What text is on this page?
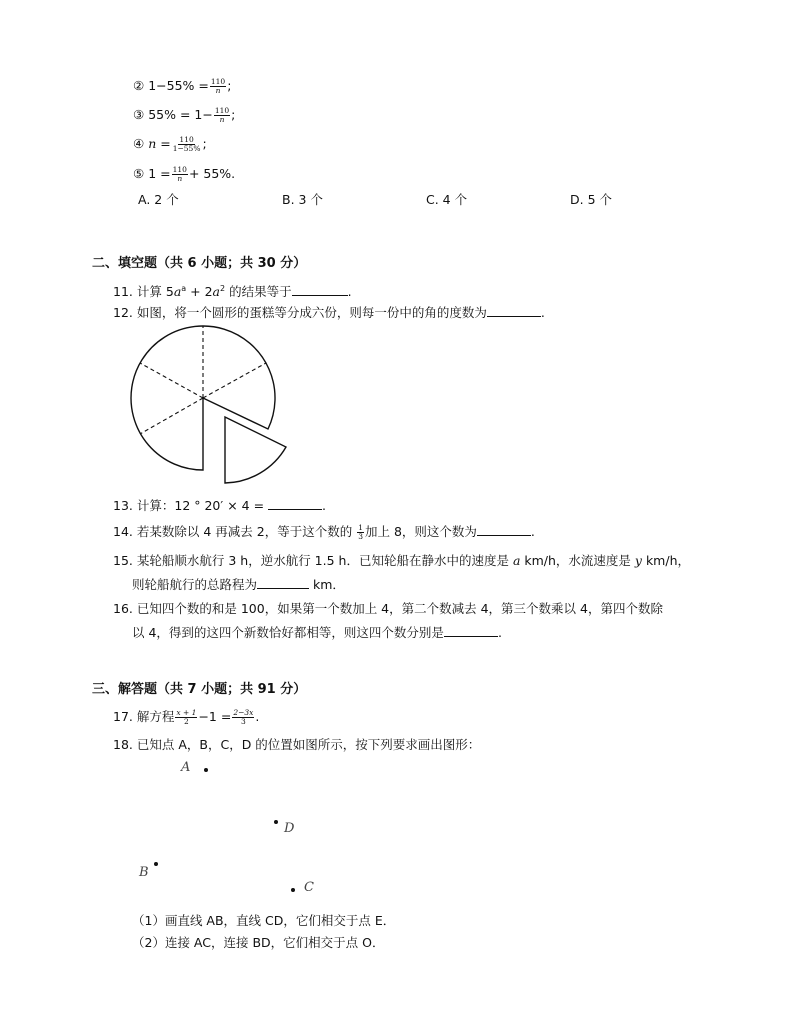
② $1-55\% = \frac{110}{n}$ ;
③ $55\% = 1- \frac{110}{n}$ ;
④ $n = \frac{110}{1-55\%}$ ;
⑤ $1 = \frac{110}{n} + 55\%$.
A. 2 个	B. 3 个	C. 4 个	D. 5 个
二、填空题（共 6 小题；共 30 分）
11. 计算 $5a^a + 2a^2$ 的结果等于	.
12. 如图，将一个圆形的蛋糕等分成六份，则每一份中的角的度数为	.
13. 计算：12 ° 20′ × 4 =	.
14. 若某数除以 4 再减去 2，等于这个数的 $\frac{1}{3}$ 加上 8，则这个数为	.
15. 某轮船顺水航行 3 h，逆水航行 1.5 h．已知轮船在静水中的速度是 a km/h，水流速度是 y km/h，
则轮船航行的总路程为	km．
16. 已知四个数的和是 100，如果第一个数加上 4，第二个数减去 4，第三个数乘以 4，第四个数除
以 4，得到的这四个新数恰好都相等，则这四个数分别是	.
三、解答题（共 7 小题；共 91 分）
17. 解方程 $\frac{x + 1}{2} -1 = \frac{2-3x}{3}$ .
18. 已知点 A，B，C，D 的位置如图所示，按下列要求画出图形：
A
D
B
C
（1）画直线 AB，直线 CD，它们相交于点 E．
（2）连接 AC，连接 BD，它们相交于点 O．
